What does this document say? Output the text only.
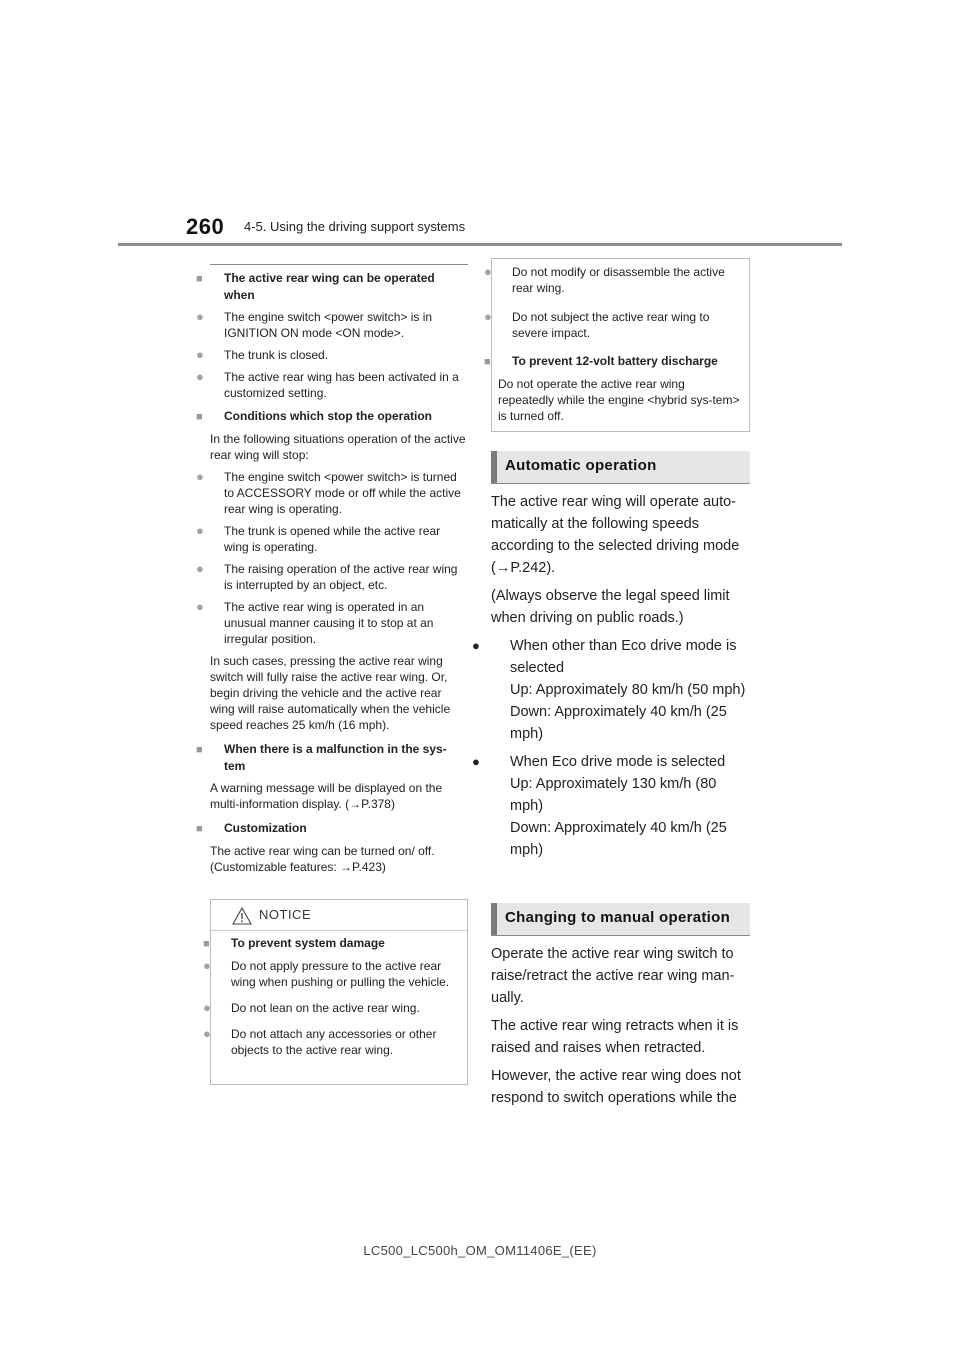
260 4-5. Using the driving support systems

■ The active rear wing can be operated when

● The engine switch <power switch> is in IGNITION ON mode <ON mode>.

● The trunk is closed.

● The active rear wing has been activated in a customized setting.

■ Conditions which stop the operation

In the following situations operation of the active rear wing will stop:

● The engine switch <power switch> is turned to ACCESSORY mode or off while the active rear wing is operating.

● The trunk is opened while the active rear wing is operating.

● The raising operation of the active rear wing is interrupted by an object, etc.

● The active rear wing is operated in an unusual manner causing it to stop at an irregular position.

In such cases, pressing the active rear wing switch will fully raise the active rear wing. Or, begin driving the vehicle and the active rear wing will raise automatically when the vehicle speed reaches 25 km/h (16 mph).

■ When there is a malfunction in the sys-tem

A warning message will be displayed on the multi-information display. (→P.378)

■ Customization

The active rear wing can be turned on/ off. (Customizable features: →P.423)

NOTICE

■ To prevent system damage

● Do not apply pressure to the active rear wing when pushing or pulling the vehicle.

● Do not lean on the active rear wing.

● Do not attach any accessories or other objects to the active rear wing.

● Do not modify or disassemble the active rear wing.

● Do not subject the active rear wing to severe impact.

■ To prevent 12-volt battery discharge

Do not operate the active rear wing repeatedly while the engine <hybrid sys-tem> is turned off.

Automatic operation

The active rear wing will operate auto-matically at the following speeds according to the selected driving mode (→P.242).

(Always observe the legal speed limit when driving on public roads.)

● When other than Eco drive mode is selected

Up: Approximately 80 km/h (50 mph)

Down: Approximately 40 km/h (25 mph)

● When Eco drive mode is selected

Up: Approximately 130 km/h (80 mph)

Down: Approximately 40 km/h (25 mph)

Changing to manual operation

Operate the active rear wing switch to raise/retract the active rear wing man-ually.

The active rear wing retracts when it is raised and raises when retracted.

However, the active rear wing does not respond to switch operations while the

LC500_LC500h_OM_OM11406E_(EE)
